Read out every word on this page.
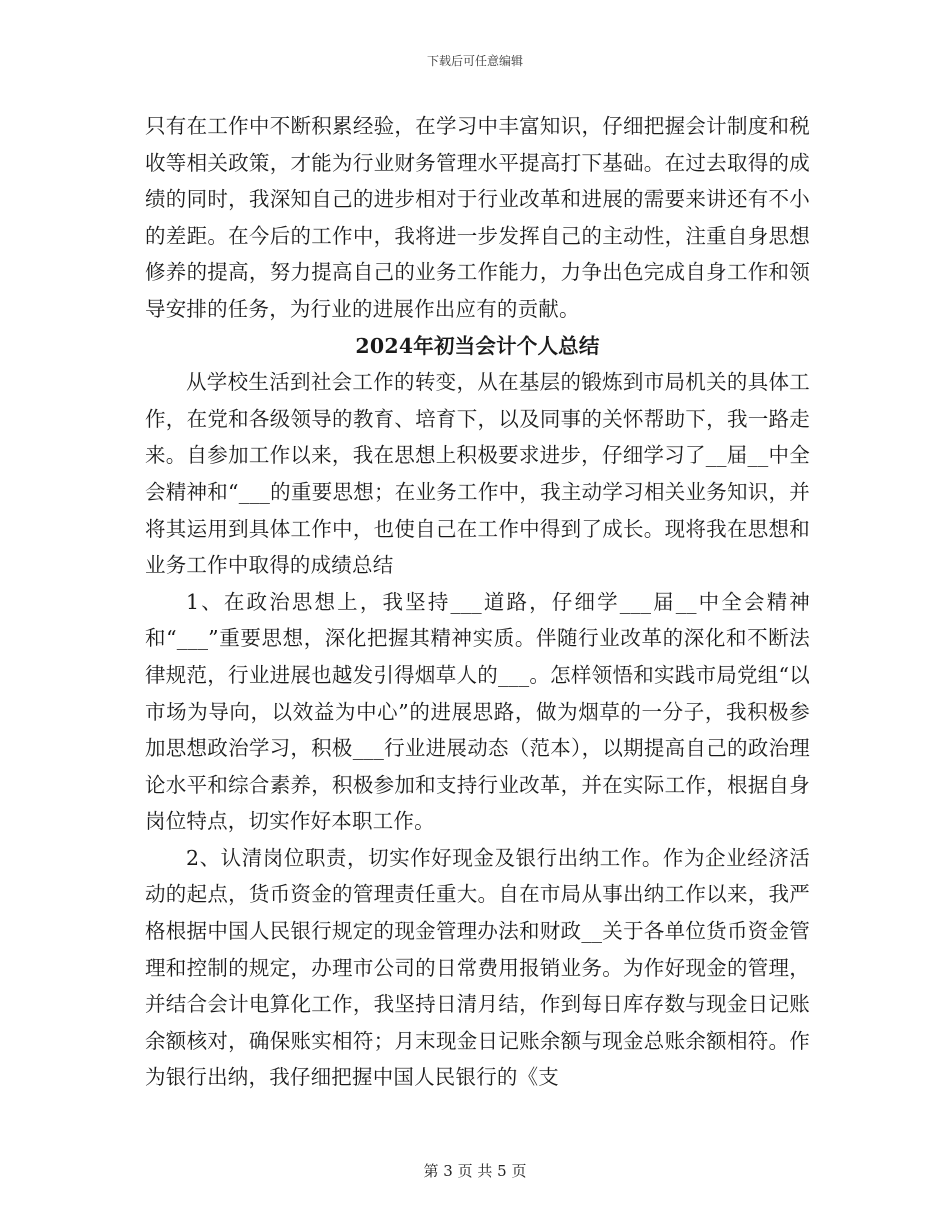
下载后可任意编辑

只有在工作中不断积累经验，在学习中丰富知识，仔细把握会计制度和税收等相关政策，才能为行业财务管理水平提高打下基础。在过去取得的成绩的同时，我深知自己的进步相对于行业改革和进展的需要来讲还有不小的差距。在今后的工作中，我将进一步发挥自己的主动性，注重自身思想修养的提高，努力提高自己的业务工作能力，力争出色完成自身工作和领导安排的任务，为行业的进展作出应有的贡献。

2024年初当会计个人总结

从学校生活到社会工作的转变，从在基层的锻炼到市局机关的具体工作，在党和各级领导的教育、培育下，以及同事的关怀帮助下，我一路走来。自参加工作以来，我在思想上积极要求进步，仔细学习了__届__中全会精神和“___的重要思想；在业务工作中，我主动学习相关业务知识，并将其运用到具体工作中，也使自己在工作中得到了成长。现将我在思想和业务工作中取得的成绩总结

1、在政治思想上，我坚持___道路，仔细学___届__中全会精神和“___”重要思想，深化把握其精神实质。伴随行业改革的深化和不断法律规范，行业进展也越发引得烟草人的___。怎样领悟和实践市局党组“以市场为导向，以效益为中心”的进展思路，做为烟草的一分子，我积极参加思想政治学习，积极___行业进展动态（范本），以期提高自己的政治理论水平和综合素养，积极参加和支持行业改革，并在实际工作，根据自身岗位特点，切实作好本职工作。

2、认清岗位职责，切实作好现金及银行出纳工作。作为企业经济活动的起点，货币资金的管理责任重大。自在市局从事出纳工作以来，我严格根据中国人民银行规定的现金管理办法和财政__关于各单位货币资金管理和控制的规定，办理市公司的日常费用报销业务。为作好现金的管理，并结合会计电算化工作，我坚持日清月结，作到每日库存数与现金日记账余额核对，确保账实相符；月末现金日记账余额与现金总账余额相符。作为银行出纳，我仔细把握中国人民银行的《支

第 3 页 共 5 页
